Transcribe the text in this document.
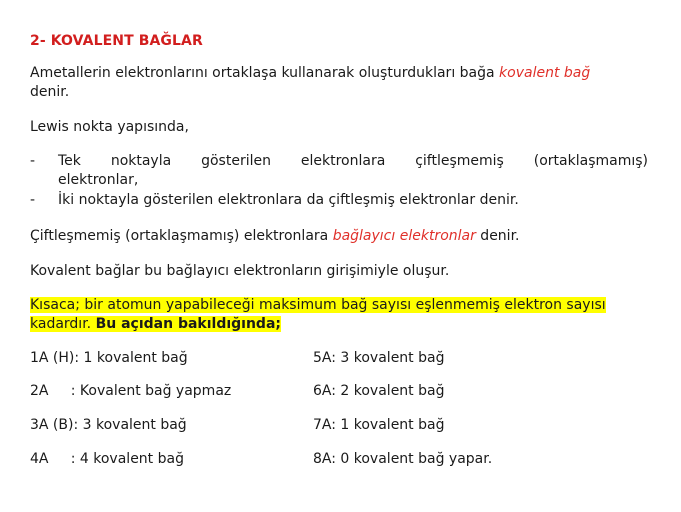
2- KOVALENT BAĞLAR
Ametallerin elektronlarını ortaklaşa kullanarak oluşturdukları bağa kovalent bağ
denir.
Lewis nokta yapısında,
- Tek noktayla gösterilen elektronlara çiftleşmemiş (ortaklaşmamış)
elektronlar,
- İki noktayla gösterilen elektronlara da çiftleşmiş elektronlar denir.
Çiftleşmemiş (ortaklaşmamış) elektronlara bağlayıcı elektronlar denir.
Kovalent bağlar bu bağlayıcı elektronların girişimiyle oluşur.
Kısaca; bir atomun yapabileceği maksimum bağ sayısı eşlenmemiş elektron sayısı
kadardır. Bu açıdan bakıldığında;
1A (H): 1 kovalent bağ	5A: 3 kovalent bağ
2A     : Kovalent bağ yapmaz	6A: 2 kovalent bağ
3A (B): 3 kovalent bağ	7A: 1 kovalent bağ
4A     : 4 kovalent bağ	8A: 0 kovalent bağ yapar.
